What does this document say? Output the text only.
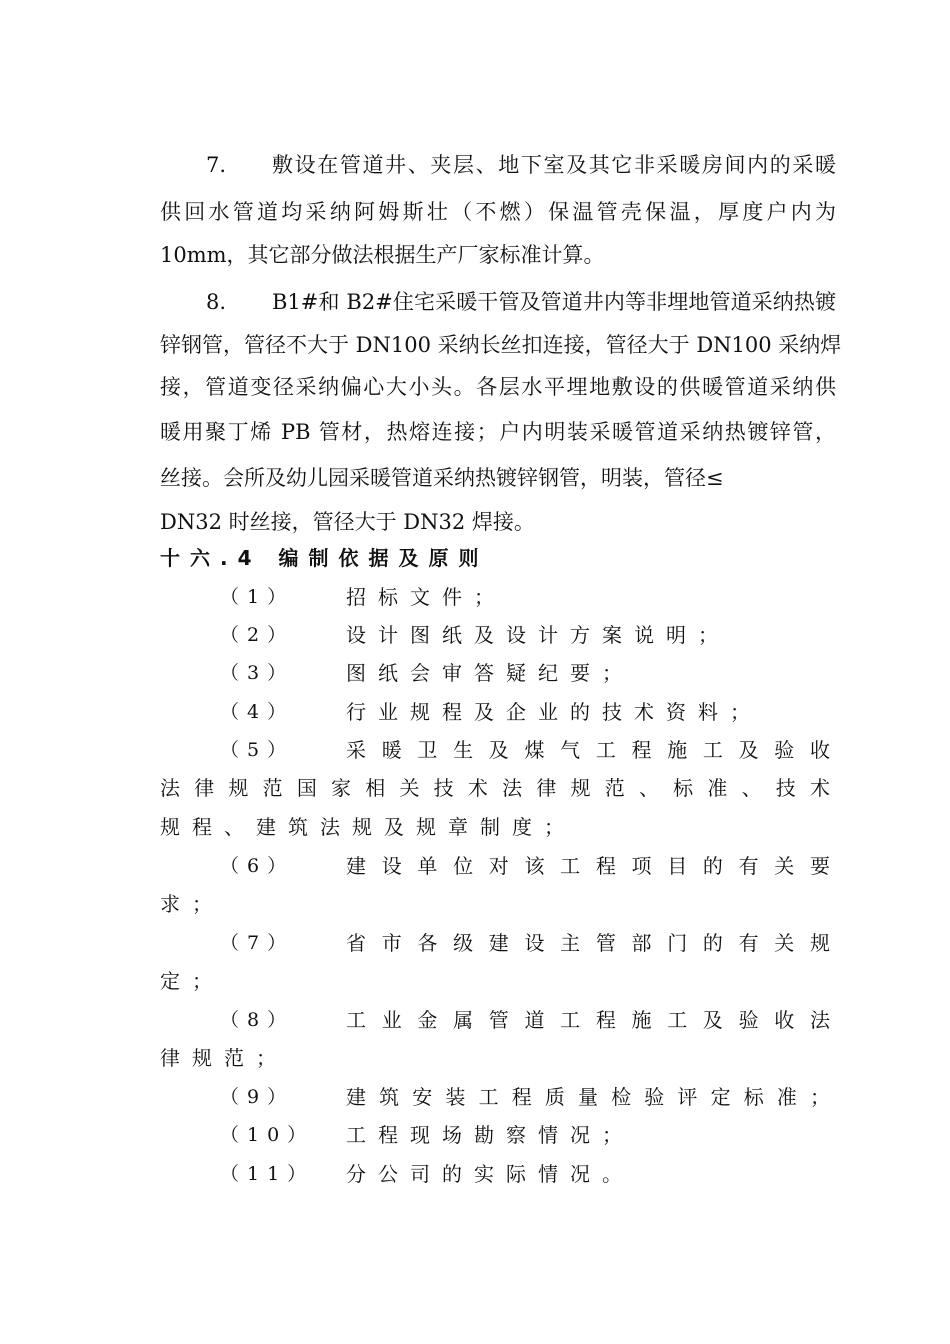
7. 敷设在管道井、夹层、地下室及其它非采暖房间内的采暖
供回水管道均采纳阿姆斯壮（不燃）保温管壳保温，厚度户内为
10mm，其它部分做法根据生产厂家标准计算。
8. B1#和 B2#住宅采暖干管及管道井内等非埋地管道采纳热镀
锌钢管，管径不大于 DN100 采纳长丝扣连接，管径大于 DN100 采纳焊
接，管道变径采纳偏心大小头。各层水平埋地敷设的供暖管道采纳供
暖用聚丁烯 PB 管材，热熔连接；户内明装采暖管道采纳热镀锌管，
丝接。会所及幼儿园采暖管道采纳热镀锌钢管，明装，管径≤
DN32 时丝接，管径大于 DN32 焊接。
十六.4 编制依据及原则
（1）	招标文件；
（2）	设计图纸及设计方案说明；
（3）	图纸会审答疑纪要；
（4）	行业规程及企业的技术资料；
（5）	采暖卫生及煤气工程施工及验收
法律规范国家相关技术法律规范、标准、技术
规程、建筑法规及规章制度；
（6）	建设单位对该工程项目的有关要
求；
（7）	省市各级建设主管部门的有关规
定；
（8）	工业金属管道工程施工及验收法
律规范；
（9）	建筑安装工程质量检验评定标准；
（10） 工程现场勘察情况；
（11） 分公司的实际情况。
